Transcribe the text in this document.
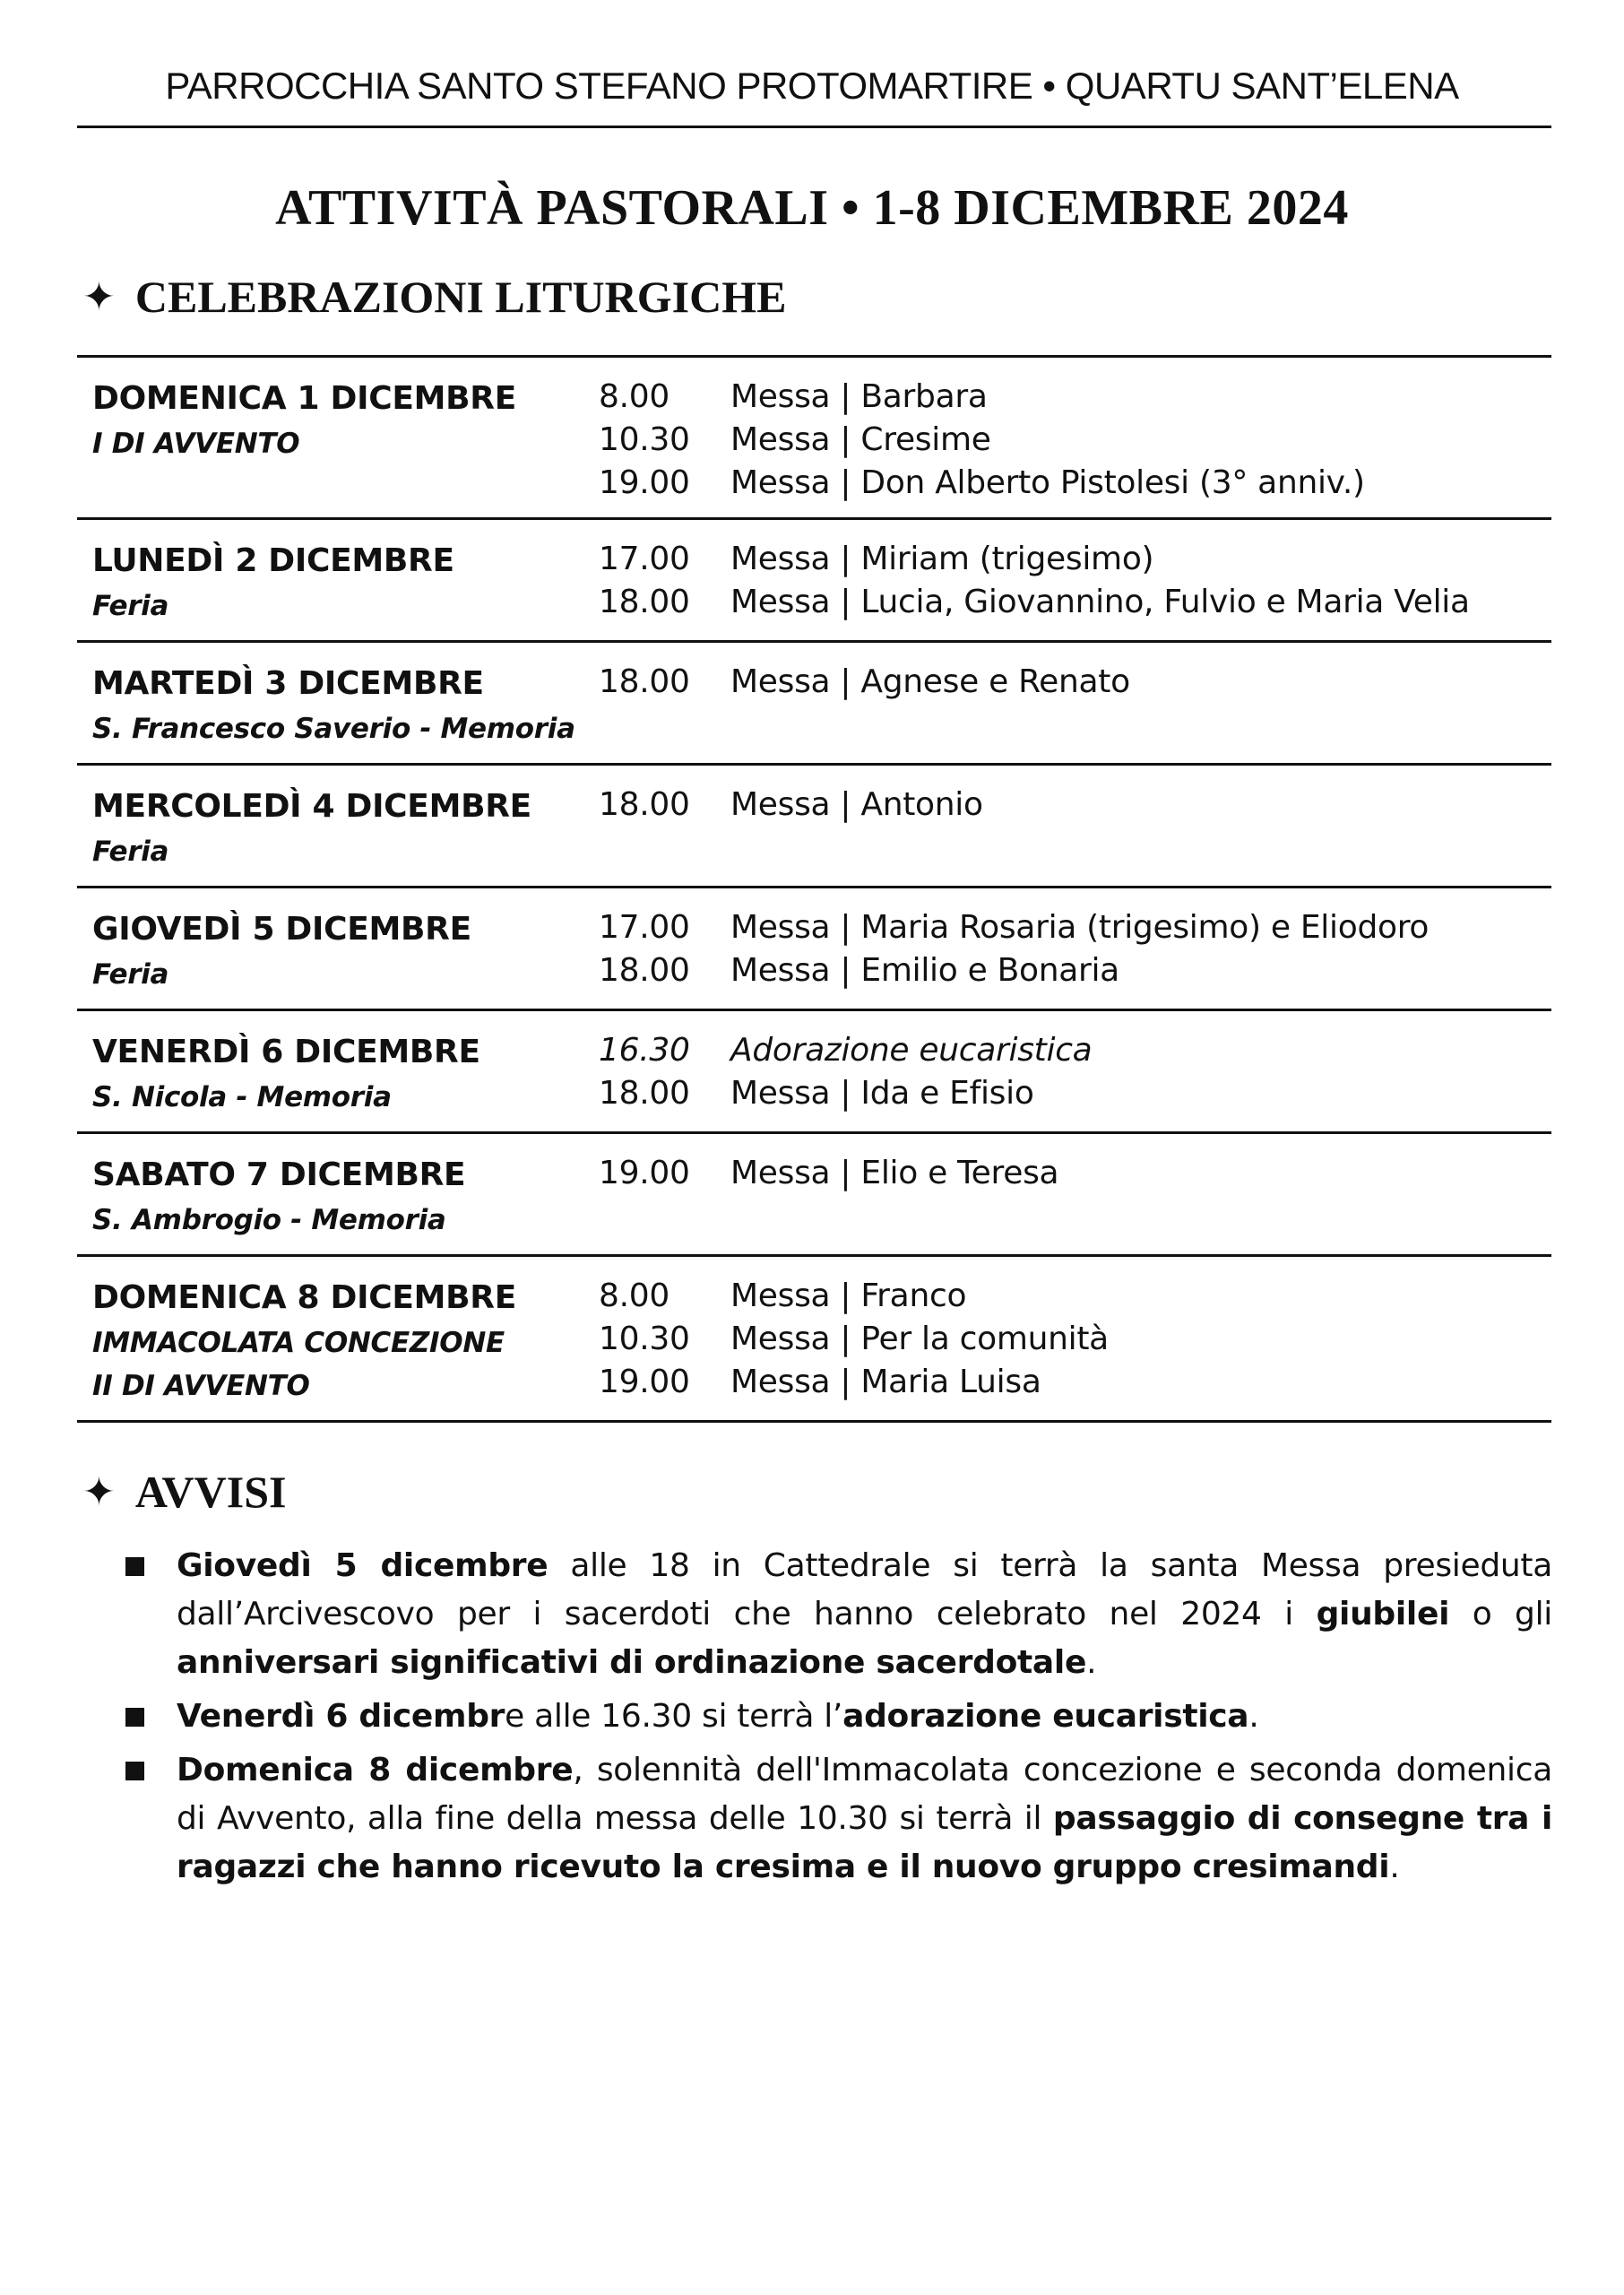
PARROCCHIA SANTO STEFANO PROTOMARTIRE • QUARTU SANT’ELENA
ATTIVITÀ PASTORALI • 1-8 DICEMBRE 2024
✦ CELEBRAZIONI LITURGICHE
DOMENICA 1 DICEMBRE
I DI AVVENTO
8.00	Messa | Barbara
10.30	Messa | Cresime
19.00	Messa | Don Alberto Pistolesi (3° anniv.)
LUNEDÌ 2 DICEMBRE
Feria
17.00	Messa | Miriam (trigesimo)
18.00	Messa | Lucia, Giovannino, Fulvio e Maria Velia
MARTEDÌ 3 DICEMBRE
S. Francesco Saverio - Memoria
18.00	Messa | Agnese e Renato
MERCOLEDÌ 4 DICEMBRE
Feria
18.00	Messa | Antonio
GIOVEDÌ 5 DICEMBRE
Feria
17.00	Messa | Maria Rosaria (trigesimo) e Eliodoro
18.00	Messa | Emilio e Bonaria
VENERDÌ 6 DICEMBRE
S. Nicola - Memoria
16.30	Adorazione eucaristica
18.00	Messa | Ida e Efisio
SABATO 7 DICEMBRE
S. Ambrogio - Memoria
19.00	Messa | Elio e Teresa
DOMENICA 8 DICEMBRE
IMMACOLATA CONCEZIONE
II DI AVVENTO
8.00	Messa | Franco
10.30	Messa | Per la comunità
19.00	Messa | Maria Luisa
✦ AVVISI
Giovedì 5 dicembre alle 18 in Cattedrale si terrà la santa Messa presieduta dall’Arcivescovo per i sacerdoti che hanno celebrato nel 2024 i giubilei o gli anniversari significativi di ordinazione sacerdotale.
Venerdì 6 dicembre alle 16.30 si terrà l’adorazione eucaristica.
Domenica 8 dicembre, solennità dell'Immacolata concezione e seconda domenica di Avvento, alla fine della messa delle 10.30 si terrà il passaggio di consegne tra i ragazzi che hanno ricevuto la cresima e il nuovo gruppo cresimandi.
